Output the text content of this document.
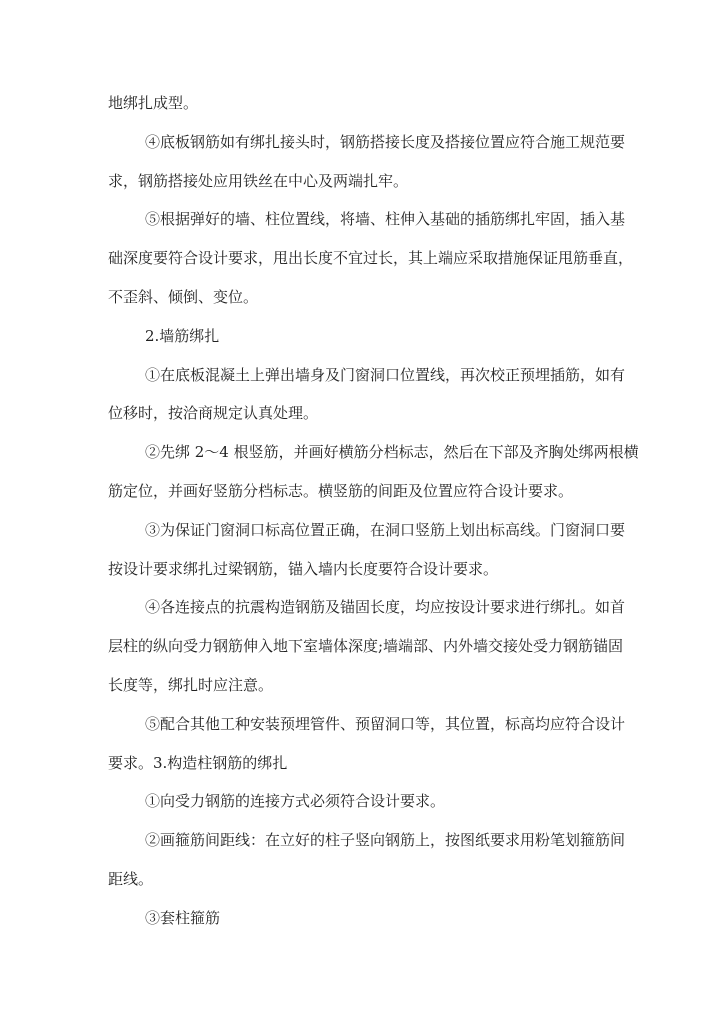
地绑扎成型。
④底板钢筋如有绑扎接头时，钢筋搭接长度及搭接位置应符合施工规范要
求，钢筋搭接处应用铁丝在中心及两端扎牢。
⑤根据弹好的墙、柱位置线，将墙、柱伸入基础的插筋绑扎牢固，插入基
础深度要符合设计要求，甩出长度不宜过长，其上端应采取措施保证甩筋垂直，
不歪斜、倾倒、变位。
2.墙筋绑扎
①在底板混凝土上弹出墙身及门窗洞口位置线，再次校正预埋插筋，如有
位移时，按洽商规定认真处理。
②先绑 2～4 根竖筋，并画好横筋分档标志，然后在下部及齐胸处绑两根横
筋定位，并画好竖筋分档标志。横竖筋的间距及位置应符合设计要求。
③为保证门窗洞口标高位置正确，在洞口竖筋上划出标高线。门窗洞口要
按设计要求绑扎过梁钢筋，锚入墙内长度要符合设计要求。
④各连接点的抗震构造钢筋及锚固长度，均应按设计要求进行绑扎。如首
层柱的纵向受力钢筋伸入地下室墙体深度;墙端部、内外墙交接处受力钢筋锚固
长度等，绑扎时应注意。
⑤配合其他工种安装预埋管件、预留洞口等，其位置，标高均应符合设计
要求。3.构造柱钢筋的绑扎
①向受力钢筋的连接方式必须符合设计要求。
②画箍筋间距线：在立好的柱子竖向钢筋上，按图纸要求用粉笔划箍筋间
距线。
③套柱箍筋
